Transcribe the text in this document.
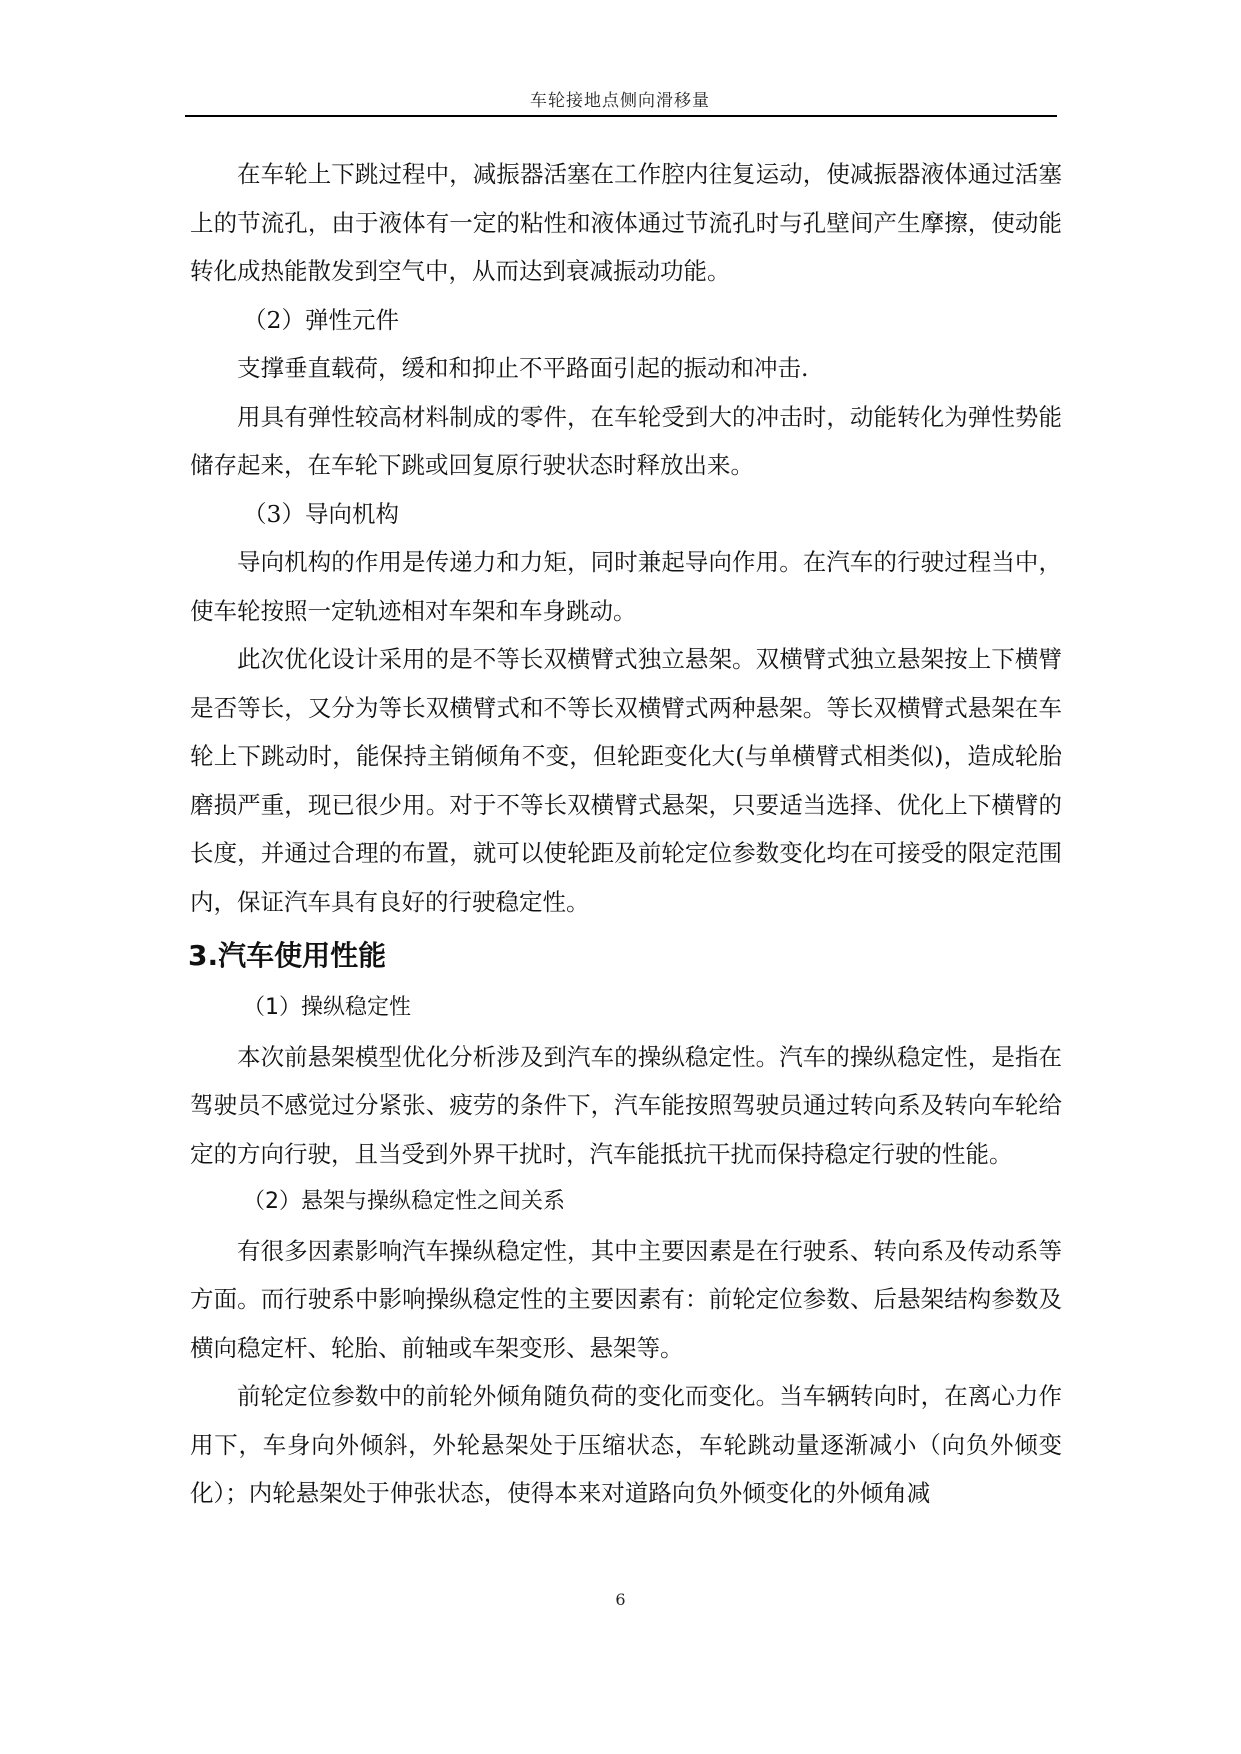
车轮接地点侧向滑移量

在车轮上下跳过程中，减振器活塞在工作腔内往复运动，使减振器液体通过活塞上的节流孔，由于液体有一定的粘性和液体通过节流孔时与孔壁间产生摩擦，使动能转化成热能散发到空气中，从而达到衰减振动功能。

（2）弹性元件

支撑垂直载荷，缓和和抑止不平路面引起的振动和冲击.

用具有弹性较高材料制成的零件，在车轮受到大的冲击时，动能转化为弹性势能储存起来，在车轮下跳或回复原行驶状态时释放出来。

（3）导向机构

导向机构的作用是传递力和力矩，同时兼起导向作用。在汽车的行驶过程当中，使车轮按照一定轨迹相对车架和车身跳动。

此次优化设计采用的是不等长双横臂式独立悬架。双横臂式独立悬架按上下横臂是否等长，又分为等长双横臂式和不等长双横臂式两种悬架。等长双横臂式悬架在车轮上下跳动时，能保持主销倾角不变，但轮距变化大(与单横臂式相类似)，造成轮胎磨损严重，现已很少用。对于不等长双横臂式悬架，只要适当选择、优化上下横臂的长度，并通过合理的布置，就可以使轮距及前轮定位参数变化均在可接受的限定范围内，保证汽车具有良好的行驶稳定性。

3.汽车使用性能

（1）操纵稳定性

本次前悬架模型优化分析涉及到汽车的操纵稳定性。汽车的操纵稳定性，是指在驾驶员不感觉过分紧张、疲劳的条件下，汽车能按照驾驶员通过转向系及转向车轮给定的方向行驶，且当受到外界干扰时，汽车能抵抗干扰而保持稳定行驶的性能。

（2）悬架与操纵稳定性之间关系

有很多因素影响汽车操纵稳定性，其中主要因素是在行驶系、转向系及传动系等方面。而行驶系中影响操纵稳定性的主要因素有：前轮定位参数、后悬架结构参数及横向稳定杆、轮胎、前轴或车架变形、悬架等。

前轮定位参数中的前轮外倾角随负荷的变化而变化。当车辆转向时，在离心力作用下，车身向外倾斜，外轮悬架处于压缩状态，车轮跳动量逐渐减小（向负外倾变化）；内轮悬架处于伸张状态，使得本来对道路向负外倾变化的外倾角减

6
